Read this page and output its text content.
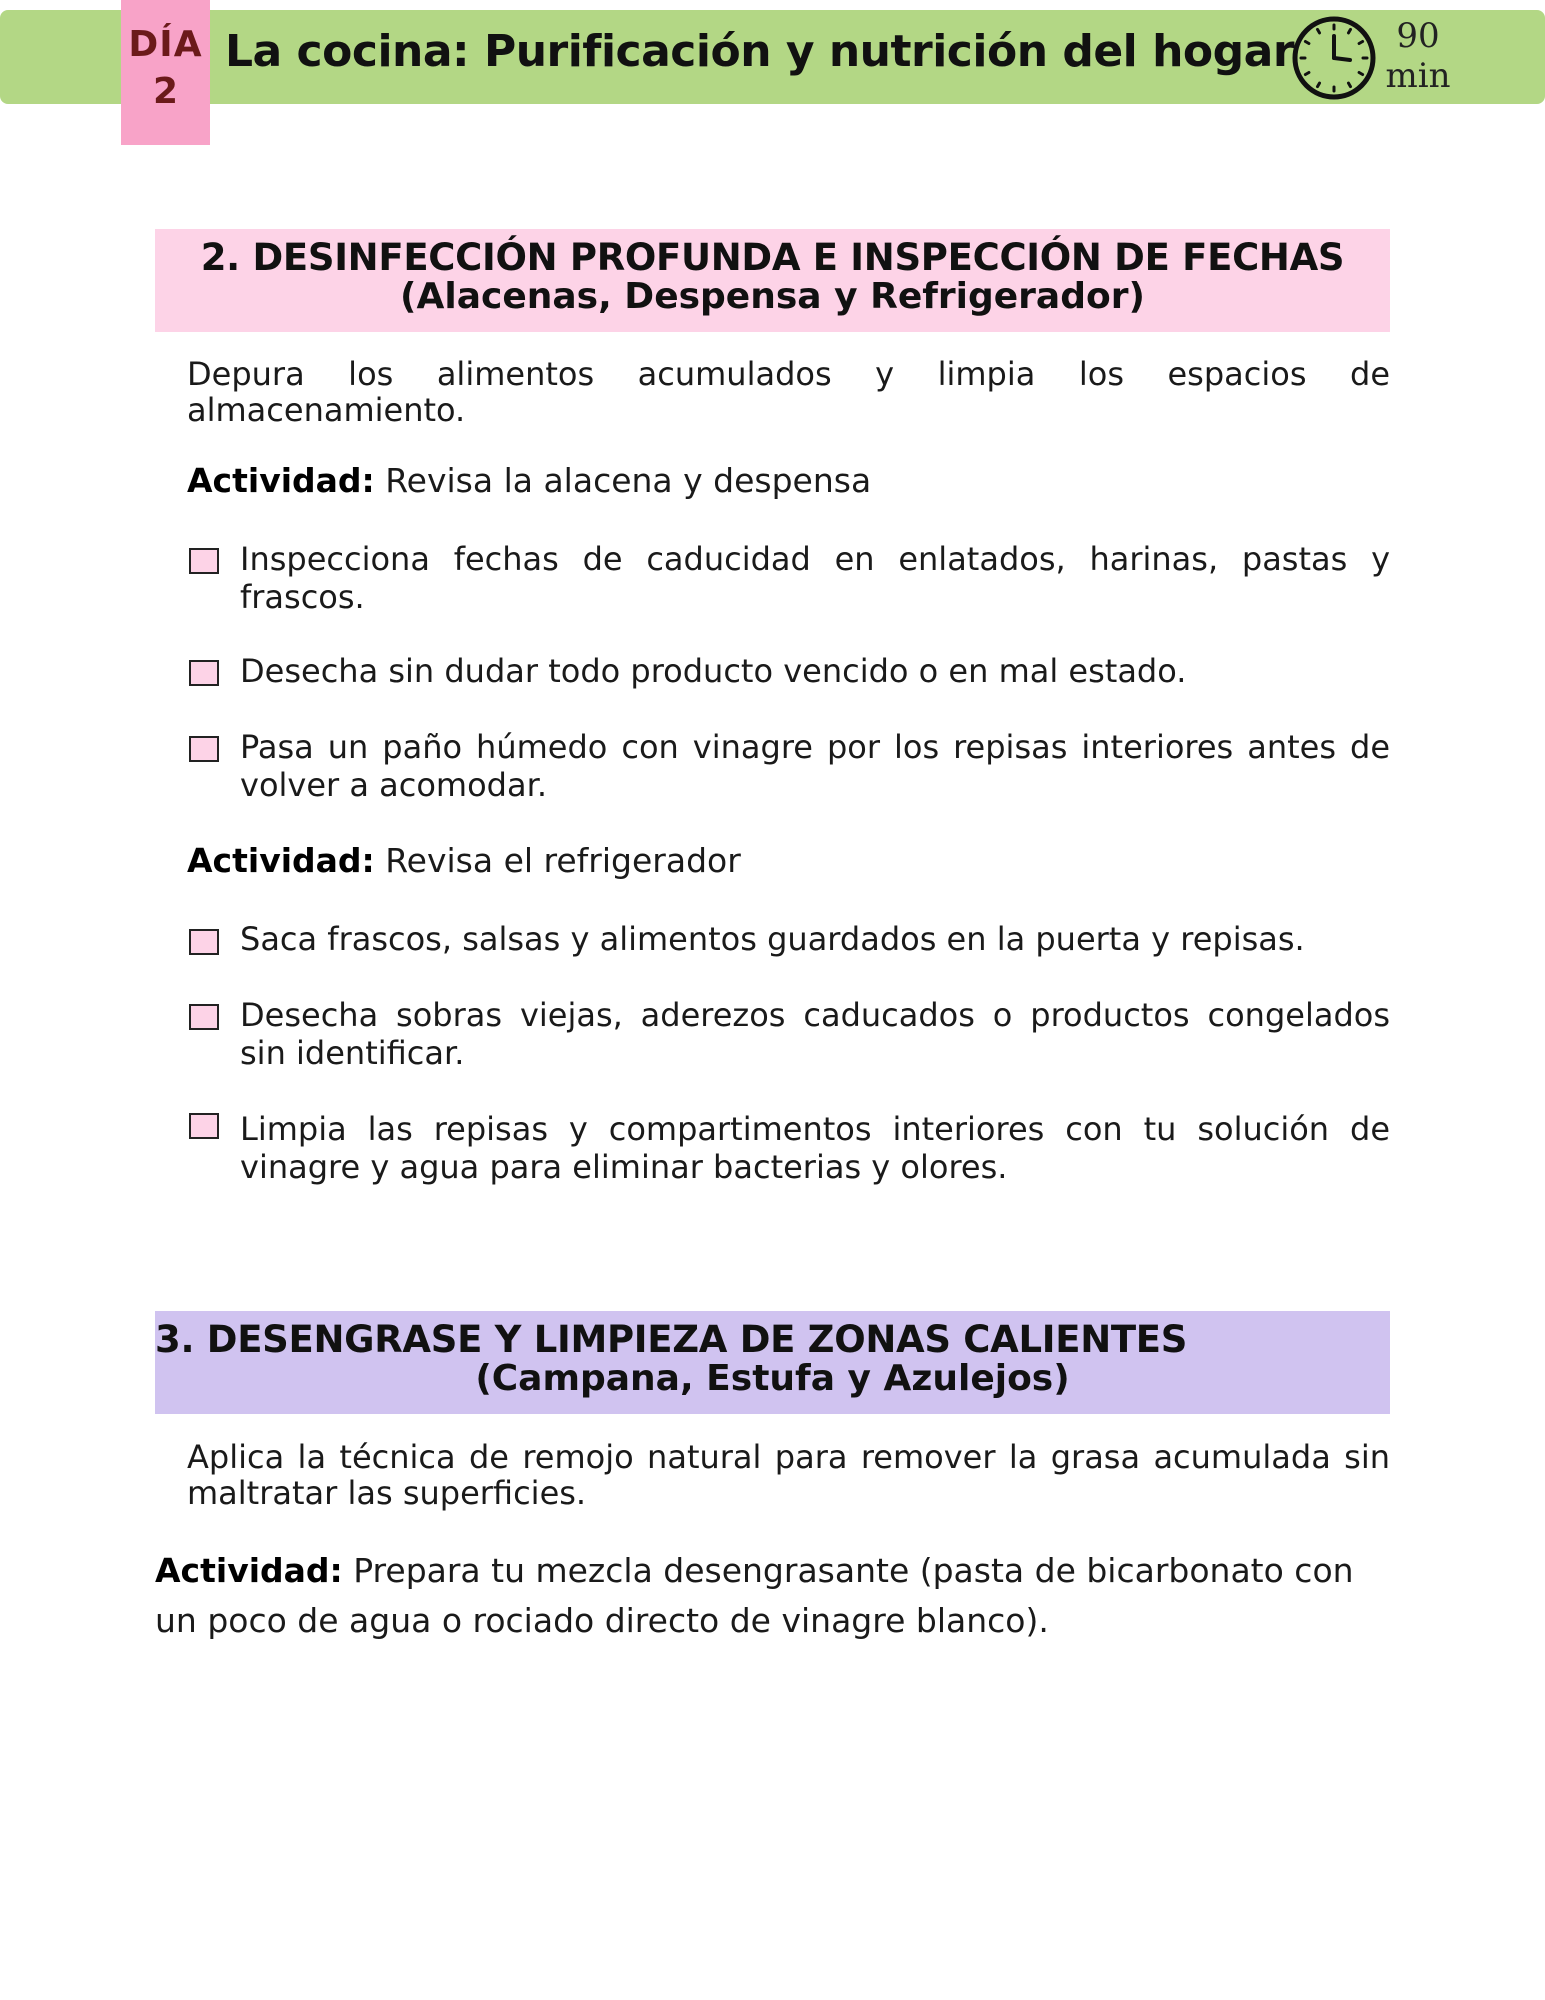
DÍA
2
La cocina: Purificación y nutrición del hogar	90
min
2. DESINFECCIÓN PROFUNDA E INSPECCIÓN DE FECHAS
(Alacenas, Despensa y Refrigerador)
Depura los alimentos acumulados y limpia los espacios de almacenamiento.
Actividad: Revisa la alacena y despensa
Inspecciona fechas de caducidad en enlatados, harinas, pastas y frascos.
Desecha sin dudar todo producto vencido o en mal estado.
Pasa un paño húmedo con vinagre por los repisas interiores antes de volver a acomodar.
Actividad: Revisa el refrigerador
Saca frascos, salsas y alimentos guardados en la puerta y repisas.
Desecha sobras viejas, aderezos caducados o productos congelados sin identificar.
Limpia las repisas y compartimentos interiores con tu solución de vinagre y agua para eliminar bacterias y olores.
3. DESENGRASE Y LIMPIEZA DE ZONAS CALIENTES
(Campana, Estufa y Azulejos)
Aplica la técnica de remojo natural para remover la grasa acumulada sin maltratar las superficies.
Actividad: Prepara tu mezcla desengrasante (pasta de bicarbonato con un poco de agua o rociado directo de vinagre blanco).
